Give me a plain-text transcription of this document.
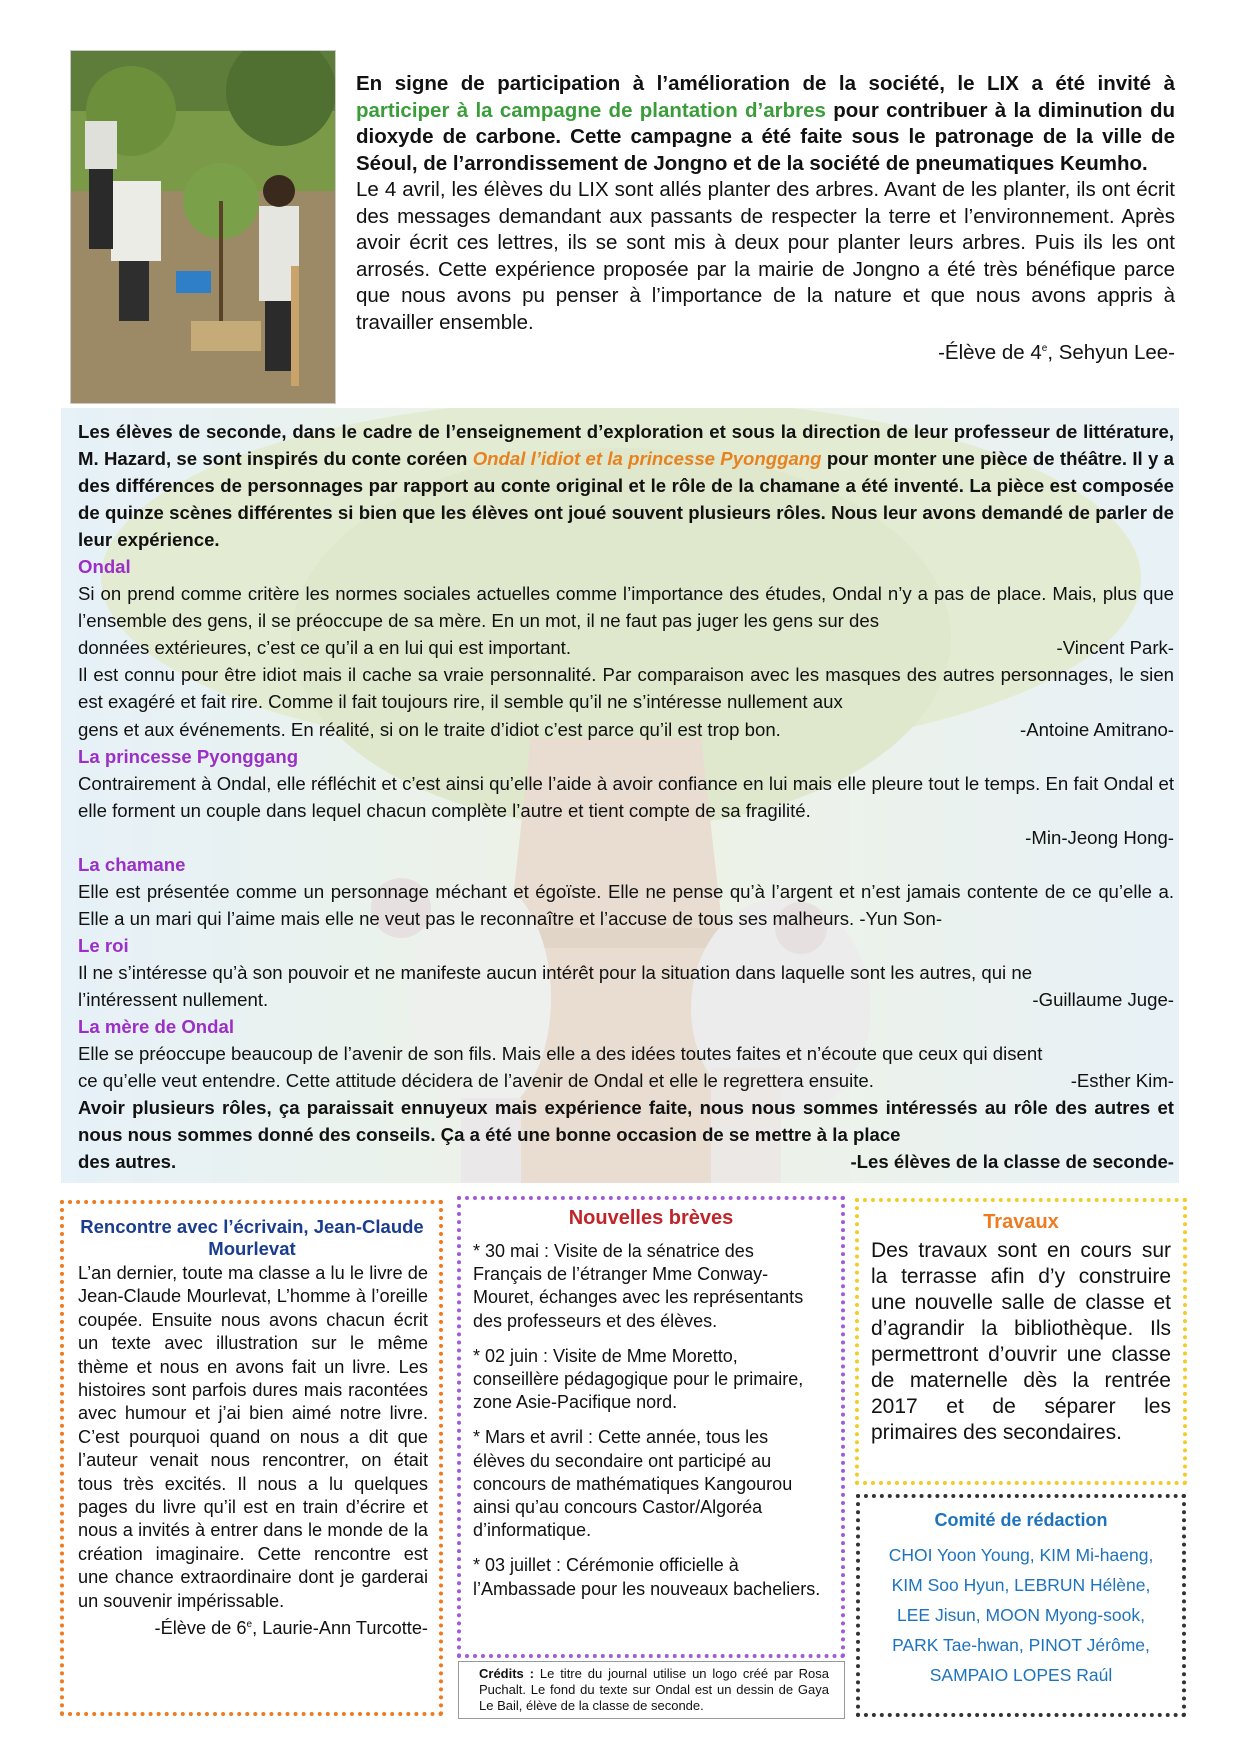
En signe de participation à l’amélioration de la société, le LIX a été invité à participer à la campagne de plantation d’arbres pour contribuer à la diminution du dioxyde de carbone. Cette campagne a été faite sous le patronage de la ville de Séoul, de l’arrondissement de Jongno et de la société de pneumatiques Keumho.

Le 4 avril, les élèves du LIX sont allés planter des arbres. Avant de les planter, ils ont écrit des messages demandant aux passants de respecter la terre et l’environnement. Après avoir écrit ces lettres, ils se sont mis à deux pour planter leurs arbres. Puis ils les ont arrosés. Cette expérience proposée par la mairie de Jongno a été très bénéfique parce que nous avons pu penser à l’importance de la nature et que nous avons appris à travailler ensemble.

-Élève de 4e, Sehyun Lee-

Les élèves de seconde, dans le cadre de l’enseignement d’exploration et sous la direction de leur professeur de littérature, M. Hazard, se sont inspirés du conte coréen Ondal l’idiot et la princesse Pyonggang pour monter une pièce de théâtre. Il y a des différences de personnages par rapport au conte original et le rôle de la chamane a été inventé. La pièce est composée de quinze scènes différentes si bien que les élèves ont joué souvent plusieurs rôles. Nous leur avons demandé de parler de leur expérience.

Ondal

Si on prend comme critère les normes sociales actuelles comme l’importance des études, Ondal n’y a pas de place. Mais, plus que l’ensemble des gens, il se préoccupe de sa mère. En un mot, il ne faut pas juger les gens sur des

données extérieures, c’est ce qu’il a en lui qui est important.	-Vincent Park-

Il est connu pour être idiot mais il cache sa vraie personnalité. Par comparaison avec les masques des autres personnages, le sien est exagéré et fait rire. Comme il fait toujours rire, il semble qu’il ne s’intéresse nullement aux

gens et aux événements. En réalité, si on le traite d’idiot c’est parce qu’il est trop bon.	-Antoine Amitrano-

La princesse Pyonggang

Contrairement à Ondal, elle réfléchit et c’est ainsi qu’elle l’aide à avoir confiance en lui mais elle pleure tout le temps. En fait Ondal et elle forment un couple dans lequel chacun complète l’autre et tient compte de sa fragilité.

-Min-Jeong Hong-

La chamane

Elle est présentée comme un personnage méchant et égoïste. Elle ne pense qu’à l’argent et n’est jamais contente de ce qu’elle a. Elle a un mari qui l’aime mais elle ne veut pas le reconnaître et l’accuse de tous ses malheurs. -Yun Son-

Le roi

Il ne s’intéresse qu’à son pouvoir et ne manifeste aucun intérêt pour la situation dans laquelle sont les autres, qui ne

l’intéressent nullement.	-Guillaume Juge-

La mère de Ondal

Elle se préoccupe beaucoup de l’avenir de son fils. Mais elle a des idées toutes faites et n’écoute que ceux qui disent

ce qu’elle veut entendre. Cette attitude décidera de l’avenir de Ondal et elle le regrettera ensuite.	-Esther Kim-

Avoir plusieurs rôles, ça paraissait ennuyeux mais expérience faite, nous nous sommes intéressés au rôle des autres et nous nous sommes donné des conseils. Ça a été une bonne occasion de se mettre à la place

des autres.	-Les élèves de la classe de seconde-
Rencontre avec l’écrivain, Jean-Claude Mourlevat

L’an dernier, toute ma classe a lu le livre de Jean-Claude Mourlevat, L’homme à l’oreille coupée. Ensuite nous avons chacun écrit un texte avec illustration sur le même thème et nous en avons fait un livre. Les histoires sont parfois dures mais racontées avec humour et j’ai bien aimé notre livre. C’est pourquoi quand on nous a dit que l’auteur venait nous rencontrer, on était tous très excités. Il nous a lu quelques pages du livre qu’il est en train d’écrire et nous a invités à entrer dans le monde de la création imaginaire. Cette rencontre est une chance extraordinaire dont je garderai un souvenir impérissable.

-Élève de 6e, Laurie-Ann Turcotte-

Nouvelles brèves

* 30 mai : Visite de la sénatrice des Français de l’étranger Mme Conway-Mouret, échanges avec les représentants des professeurs et des élèves.

* 02 juin : Visite de Mme Moretto, conseillère pédagogique pour le primaire, zone Asie-Pacifique nord.

* Mars et avril : Cette année, tous les élèves du secondaire ont participé au concours de mathématiques Kangourou ainsi qu’au concours Castor/Algoréa d’informatique.

* 03 juillet : Cérémonie officielle à l’Ambassade pour les nouveaux bacheliers.

Travaux
Des travaux sont en cours sur la terrasse afin d’y construire une nouvelle salle de classe et d’agrandir la bibliothèque. Ils permettront d’ouvrir une classe de maternelle dès la rentrée 2017 et de séparer les primaires des secondaires.
Comité de rédaction
CHOI Yoon Young, KIM Mi-haeng,
KIM Soo Hyun, LEBRUN Hélène,
LEE Jisun, MOON Myong-sook,
PARK Tae-hwan, PINOT Jérôme,
SAMPAIO LOPES Raúl
Crédits : Le titre du journal utilise un logo créé par Rosa Puchalt. Le fond du texte sur Ondal est un dessin de Gaya Le Bail, élève de la classe de seconde.
